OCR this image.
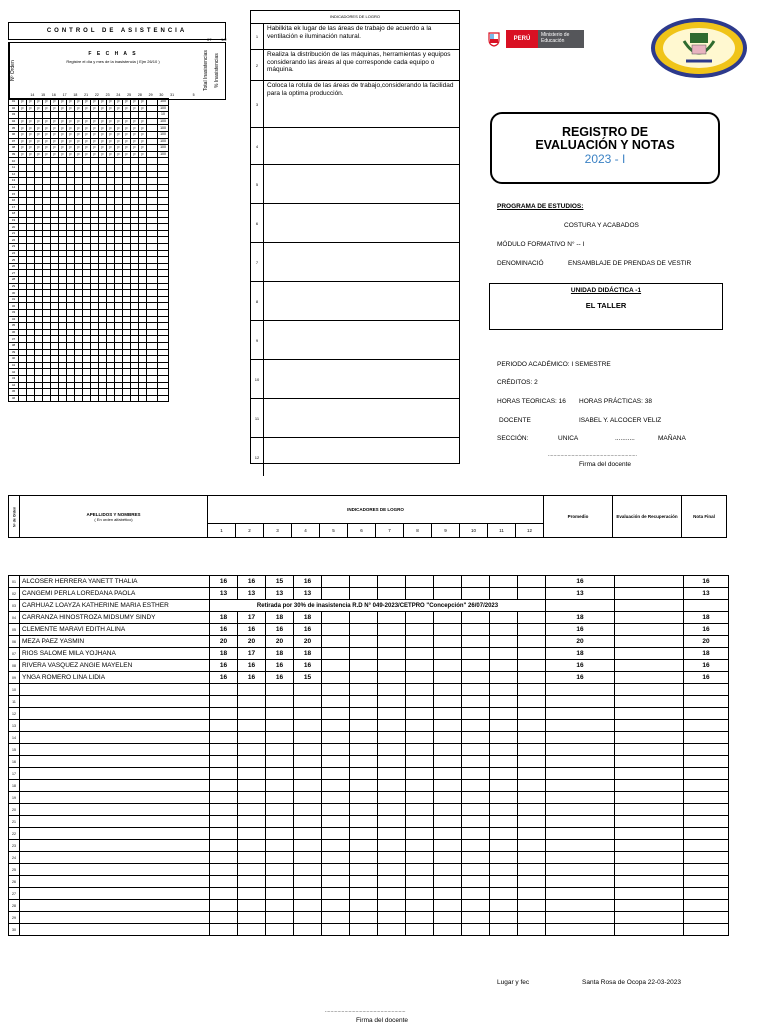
CONTROL DE ASISTENCIA
07 1/2
Nº Orden
F E C H A S
Registre el día y mes de la inasistencia ( Ejm 26/10 )	Total Inasistencias % Inasistencias
14	15	16	17	18	21	22	23	24	25	28	29	30	31	5
01	p	p	p	p	p	p	p	p	p	p	p	p	p	p	p	p		100
02	p	p	p	p	p	p	p	p	p	p	p	p	p	p	p	p		100
03																		10
04	p	p	p	p	p	p	p	p	p	p	p	p	p	p	p	p		100
05	p	p	p	p	p	p	p	p	p	p	p	p	p	p	p	p		100
06	p	p	p	p	p	p	p	p	p	p	p	p	p	p	p	p		100
07	p	p	p	p	p	p	p	p	p	p	p	p	p	p	p	p		100
08	p	p	p	p	p	p	p	p	p	p	p	p	p	p	p	p		100
09	p	p	p	p	p	p	p	p	p	p	p	p	p	p	p	p		100
10																		
11																		
12																		
13																		
14																		
15																		
16																		
17																		
18																		
19																		
20																		
21																		
22																		
23																		
24																		
25																		
26																		
27																		
28																		
29																		
30																		
31																		
32																		
33																		
34																		
35																		
36																		
37																		
38																		
39																		
40																		
41																		
42																		
43																		
44																		
45																		
46																		
INDICADORES DE LOGRO
1
Habilkita ek lugar de las áreas de trabajo de acuerdo a la ventilación e iluminación natural.
2
Realiza la distribución de las máquinas, herramientas y equipos considerando las áreas al que corresponde cada equipo o máquina.
3
Coloca la rotula de las áreas de trabajo,considerando la facilidad para la optima producción.
4
5
6
7
8
9
10
11
12
PERÚ
Ministerio de Educación
REGISTRO DE
EVALUACIÓN Y NOTAS
2023 - I
PROGRAMA DE ESTUDIOS:
COSTURA Y ACABADOS
MÓDULO FORMATIVO N° -- I
DENOMINACIÓ	ENSAMBLAJE DE PRENDAS DE VESTIR
UNIDAD DIDÁCTICA -1
EL TALLER
PERIODO ACADÉMICO: I SEMESTRE
CRÉDITOS: 2
HORAS TEORICAS: 16 HORAS PRÁCTICAS: 38
DOCENTE	ISABEL Y. ALCOCER VELIZ
SECCIÓN:	UNICA	...........	MAÑANA
................................................................
Firma del docente
Nº de Orden	APELLIDOS Y NOMBRES
( En orden alfabético)	INDICADORES DE LOGRO												Promedio	Evaluación de Recuperación	Nota Final
		1	2	3	4	5	6	7	8	9	10	11	12			
01	ALCOSER HERRERA YANETT THALIA	16	16	15	16									16		16
02	CANGEMI PERLA LOREDANA PAOLA	13	13	13	13									13		13
03	CARHUAZ LOAYZA KATHERINE MARIA ESTHER	Retirada por 30% de inasistencia R.D N° 049-2023/CETPRO "Concepción" 26/07/2023														
04	CARRANZA HINOSTROZA MIDSUMY SINDY	18	17	18	18									18		18
05	CLEMENTE MARAVI EDITH ALINA	16	16	16	16									16		16
06	MEZA PAEZ YASMIN	20	20	20	20									20		20
07	RIOS SALOME MILA YOJHANA	18	17	18	18									18		18
08	RIVERA VASQUEZ ANGIE MAYELEN	16	16	16	16									16		16
09	YNGA ROMERO LINA LIDIA	16	16	16	15									16		16
10																
11																
12																
13																
14																
15																
16																
17																
18																
19																
20																
21																
22																
23																
24																
25																
26																
27																
28																
29																
30																
Lugar y fec	Santa Rosa de Ocopa 22-03-2023
..........................................................
Firma del docente
